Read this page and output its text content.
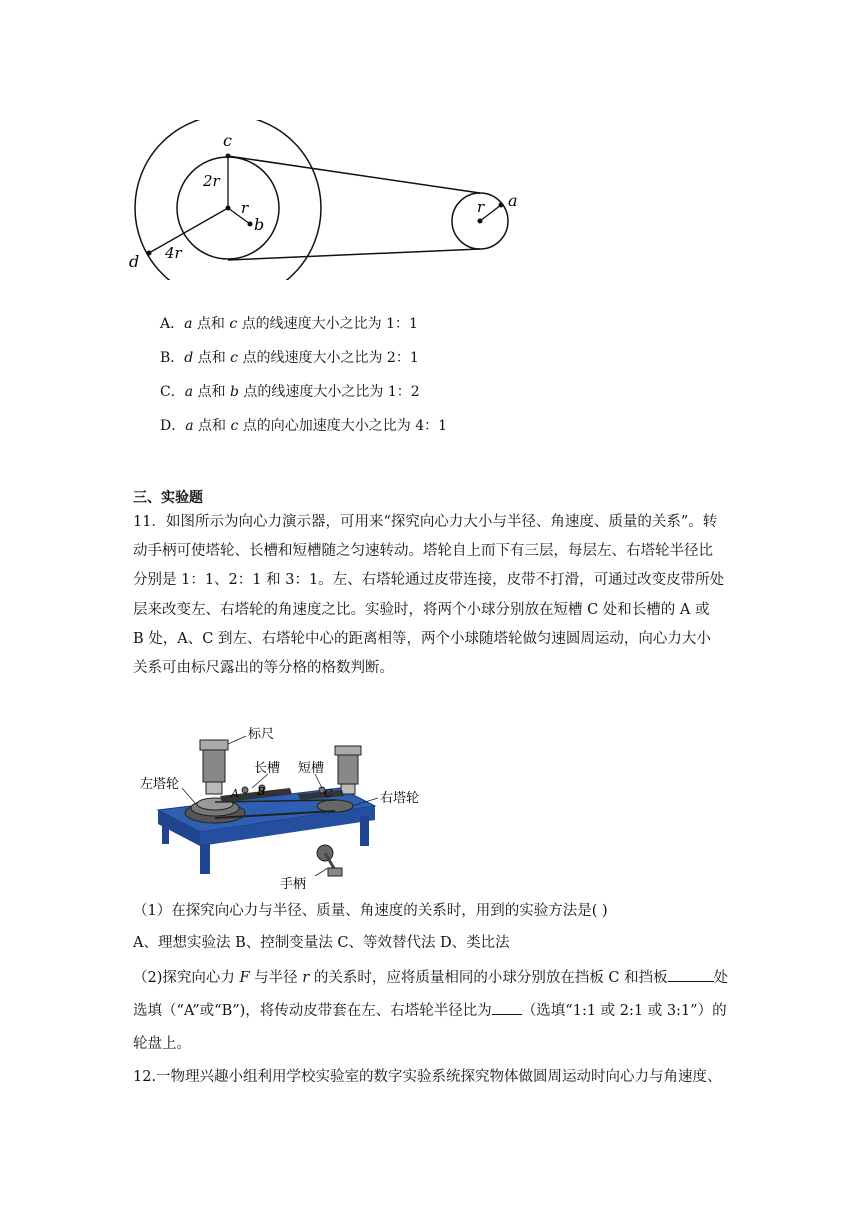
c
2r
r
b
d 4r
a
r
A．a 点和 c 点的线速度大小之比为 1：1
B．d 点和 c 点的线速度大小之比为 2：1
C．a 点和 b 点的线速度大小之比为 1：2
D．a 点和 c 点的向心加速度大小之比为 4：1
三、实验题
11．如图所示为向心力演示器，可用来“探究向心力大小与半径、角速度、质量的关系”。转
动手柄可使塔轮、长槽和短槽随之匀速转动。塔轮自上而下有三层，每层左、右塔轮半径比
分别是 1：1、2：1 和 3：1。左、右塔轮通过皮带连接，皮带不打滑，可通过改变皮带所处
层来改变左、右塔轮的角速度之比。实验时，将两个小球分别放在短槽 C 处和长槽的 A 或
B 处，A、C 到左、右塔轮中心的距离相等，两个小球随塔轮做匀速圆周运动，向心力大小
关系可由标尺露出的等分格的格数判断。
标尺
长槽 短槽
左塔轮
右塔轮
手柄
A B	C
（1）在探究向心力与半径、质量、角速度的关系时，用到的实验方法是( )
A、理想实验法 B、控制变量法 C、等效替代法 D、类比法
（2)探究向心力 F 与半径 r 的关系时，应将质量相同的小球分别放在挡板 C 和挡板	处
选填（“A”或“B”)，将传动皮带套在左、右塔轮半径比为 （选填“1:1 或 2:1 或 3:1”）的
轮盘上。
12.一物理兴趣小组利用学校实验室的数字实验系统探究物体做圆周运动时向心力与角速度、
